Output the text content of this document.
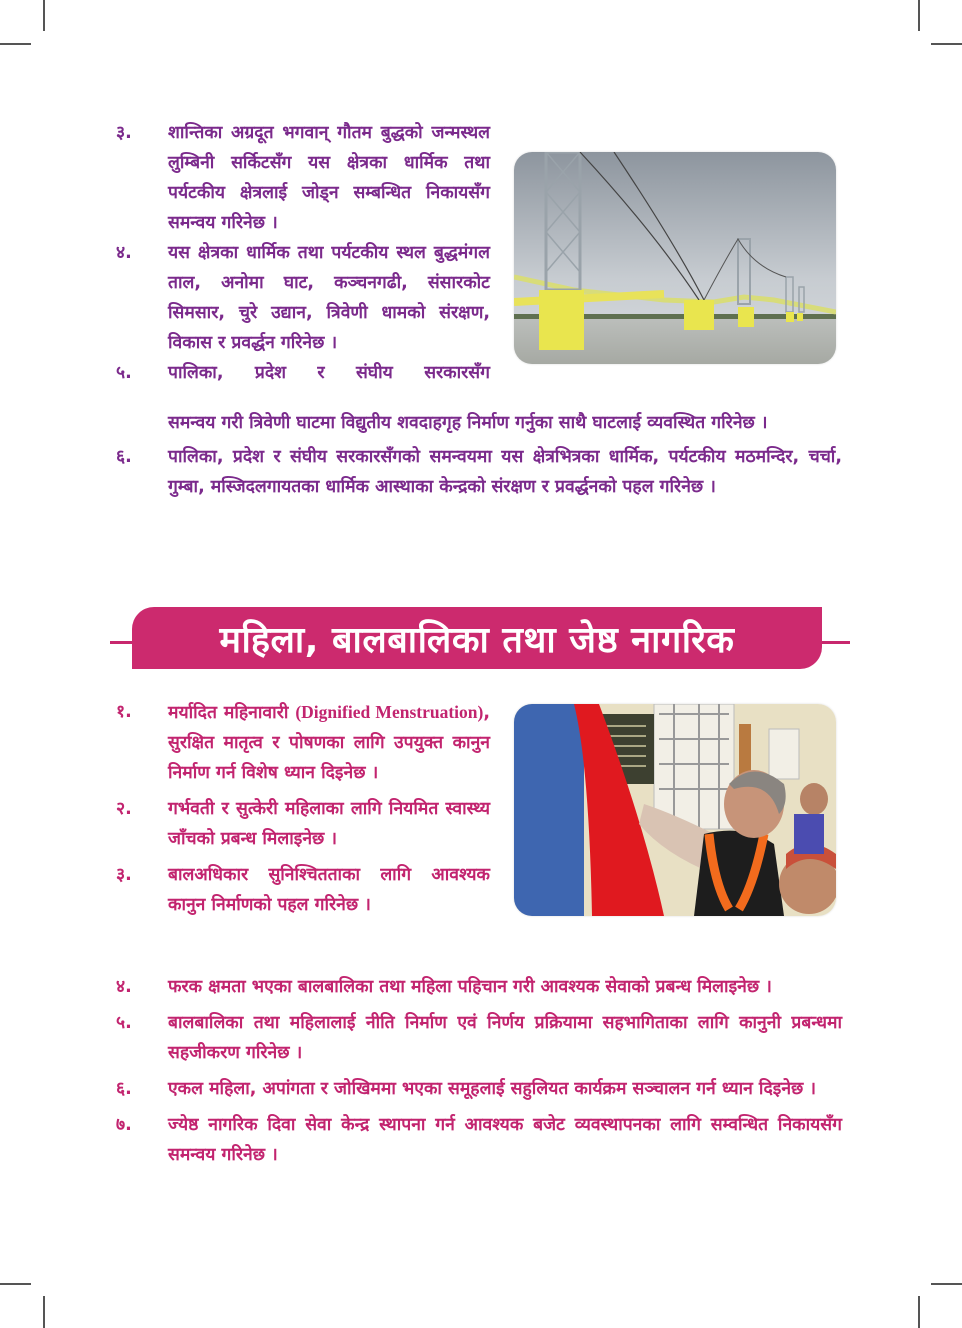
३. शान्तिका अग्रदूत भगवान् गौतम बुद्धको जन्मस्थल लुम्बिनी सर्किटसँग यस क्षेत्रका धार्मिक तथा पर्यटकीय क्षेत्रलाई जोड्न सम्बन्धित निकायसँग समन्वय गरिनेछ ।
४. यस क्षेत्रका धार्मिक तथा पर्यटकीय स्थल बुद्धमंगल ताल, अनोमा घाट, कञ्चनगढी, संसारकोट सिमसार, चुरे उद्यान, त्रिवेणी धामको संरक्षण, विकास र प्रवर्द्धन गरिनेछ ।
५. पालिका, प्रदेश र संघीय सरकारसँग
समन्वय गरी त्रिवेणी घाटमा विद्युतीय शवदाहगृह निर्माण गर्नुका साथै घाटलाई व्यवस्थित गरिनेछ ।
६. पालिका, प्रदेश र संघीय सरकारसँगको समन्वयमा यस क्षेत्रभित्रका धार्मिक, पर्यटकीय मठमन्दिर, चर्चा, गुम्बा, मस्जिदलगायतका धार्मिक आस्थाका केन्द्रको संरक्षण र प्रवर्द्धनको पहल गरिनेछ ।
महिला, बालबालिका तथा जेष्ठ नागरिक
१. मर्यादित महिनावारी (Dignified Menstruation), सुरक्षित मातृत्व र पोषणका लागि उपयुक्त कानुन निर्माण गर्न विशेष ध्यान दिइनेछ ।
२. गर्भवती र सुत्केरी महिलाका लागि नियमित स्वास्थ्य जाँचको प्रबन्ध मिलाइनेछ ।
३. बालअधिकार सुनिश्चितताका लागि आवश्यक कानुन निर्माणको पहल गरिनेछ ।
४. फरक क्षमता भएका बालबालिका तथा महिला पहिचान गरी आवश्यक सेवाको प्रबन्ध मिलाइनेछ ।
५. बालबालिका तथा महिलालाई नीति निर्माण एवं निर्णय प्रक्रियामा सहभागिताका लागि कानुनी प्रबन्धमा सहजीकरण गरिनेछ ।
६. एकल महिला, अपांगता र जोखिममा भएका समूहलाई सहुलियत कार्यक्रम सञ्चालन गर्न ध्यान दिइनेछ ।
७. ज्येष्ठ नागरिक दिवा सेवा केन्द्र स्थापना गर्न आवश्यक बजेट व्यवस्थापनका लागि सम्वन्धित निकायसँग समन्वय गरिनेछ ।
